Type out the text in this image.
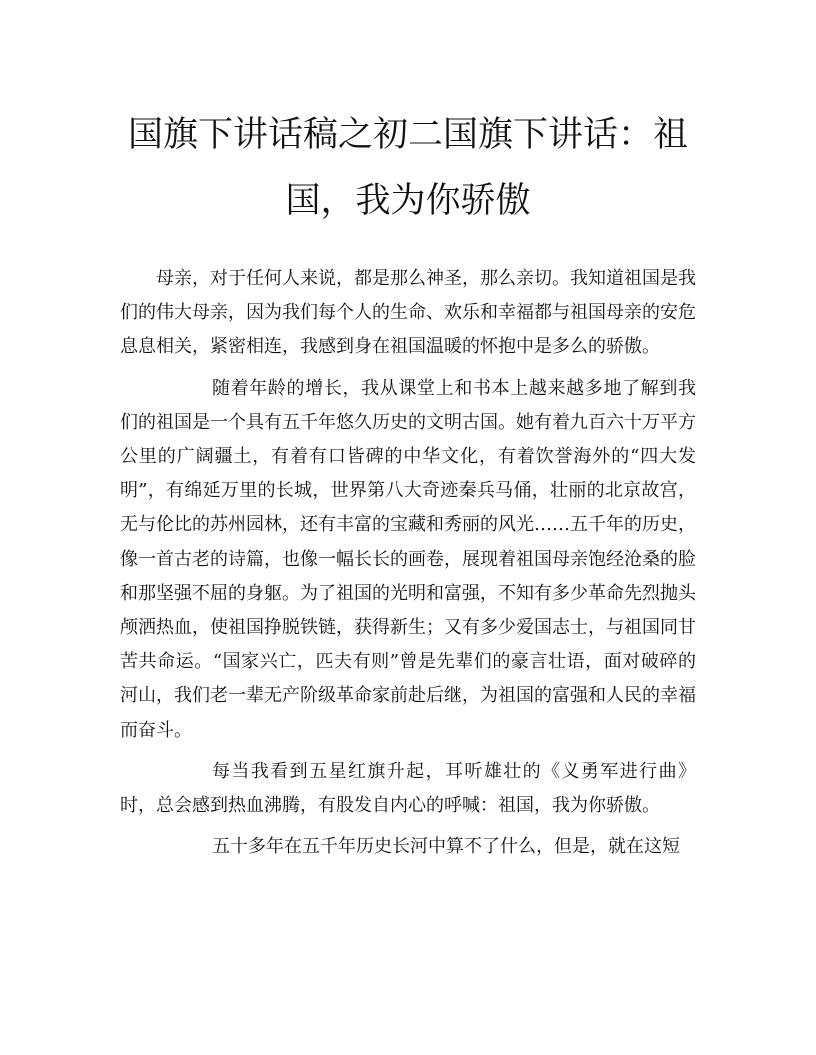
国旗下讲话稿之初二国旗下讲话：祖国，我为你骄傲

母亲，对于任何人来说，都是那么神圣，那么亲切。我知道祖国是我们的伟大母亲，因为我们每个人的生命、欢乐和幸福都与祖国母亲的安危息息相关，紧密相连，我感到身在祖国温暖的怀抱中是多么的骄傲。

随着年龄的增长，我从课堂上和书本上越来越多地了解到我们的祖国是一个具有五千年悠久历史的文明古国。她有着九百六十万平方公里的广阔疆土，有着有口皆碑的中华文化，有着饮誉海外的“四大发明”，有绵延万里的长城，世界第八大奇迹秦兵马俑，壮丽的北京故宫，无与伦比的苏州园林，还有丰富的宝藏和秀丽的风光……五千年的历史，像一首古老的诗篇，也像一幅长长的画卷，展现着祖国母亲饱经沧桑的脸和那坚强不屈的身躯。为了祖国的光明和富强，不知有多少革命先烈抛头颅洒热血，使祖国挣脱铁链，获得新生；又有多少爱国志士，与祖国同甘苦共命运。“国家兴亡，匹夫有则”曾是先辈们的豪言壮语，面对破碎的河山，我们老一辈无产阶级革命家前赴后继，为祖国的富强和人民的幸福而奋斗。

每当我看到五星红旗升起，耳听雄壮的《义勇军进行曲》时，总会感到热血沸腾，有股发自内心的呼喊：祖国，我为你骄傲。

五十多年在五千年历史长河中算不了什么，但是，就在这短
